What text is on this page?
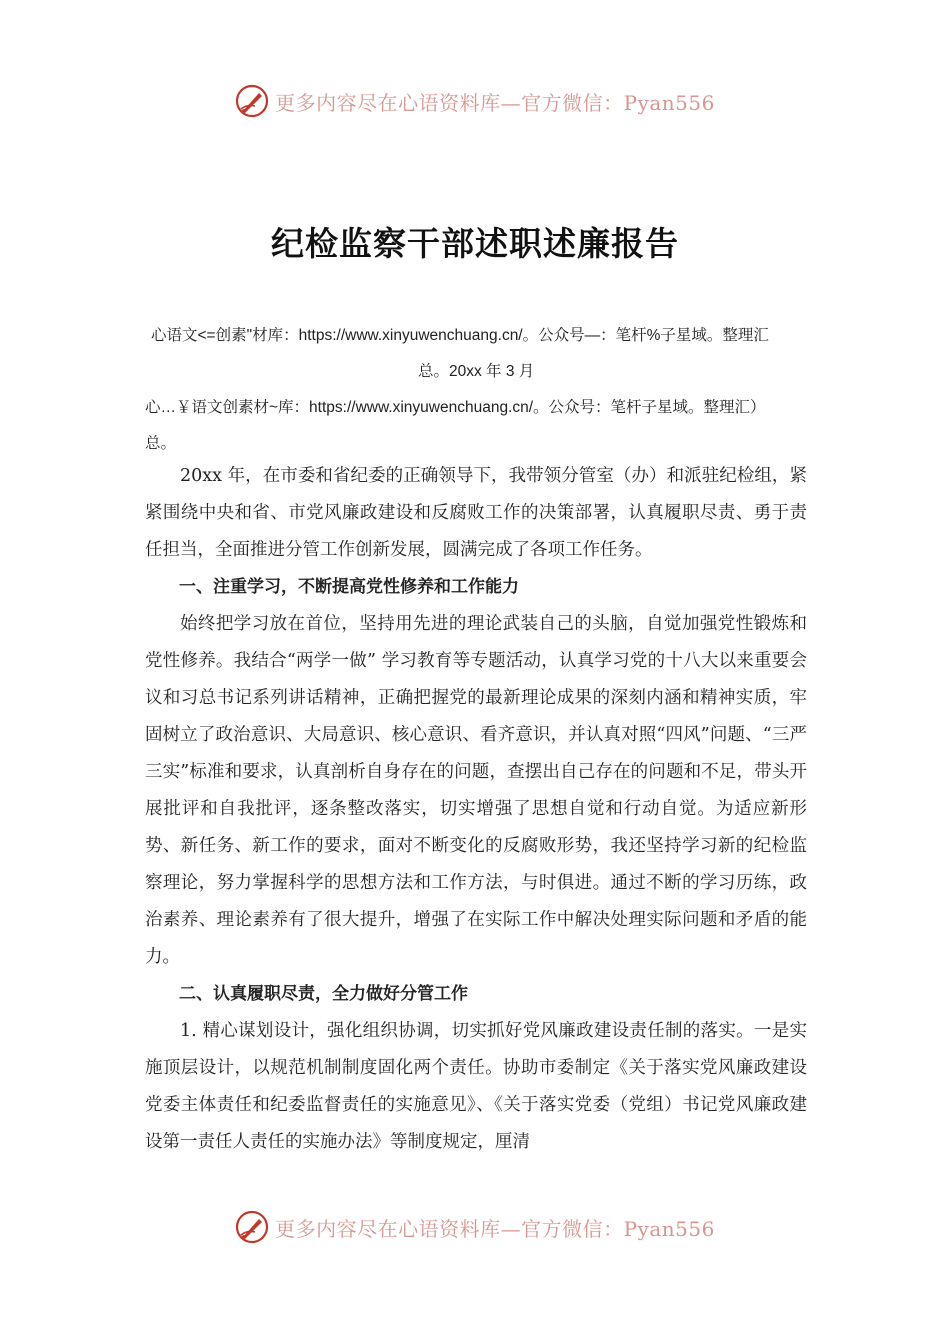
更多内容尽在心语资料库—官方微信：Pyan556
纪检监察干部述职述廉报告
心语文<=创素"材库：https://www.xinyuwenchuang.cn/。公众号—：笔杆%子星域。整理汇
总。20xx 年 3 月
心…￥语文创素材~库：https://www.xinyuwenchuang.cn/。公众号：笔杆子星域。整理汇）
总。

20xx 年，在市委和省纪委的正确领导下，我带领分管室（办）和派驻纪检组，紧紧围绕中央和省、市党风廉政建设和反腐败工作的决策部署，认真履职尽责、勇于责任担当，全面推进分管工作创新发展，圆满完成了各项工作任务。

一、注重学习，不断提高党性修养和工作能力

始终把学习放在首位，坚持用先进的理论武装自己的头脑，自觉加强党性锻炼和党性修养。我结合“两学一做” 学习教育等专题活动，认真学习党的十八大以来重要会议和习总书记系列讲话精神，正确把握党的最新理论成果的深刻内涵和精神实质，牢固树立了政治意识、大局意识、核心意识、看齐意识，并认真对照“四风”问题、“三严三实”标准和要求，认真剖析自身存在的问题，查摆出自己存在的问题和不足，带头开展批评和自我批评，逐条整改落实，切实增强了思想自觉和行动自觉。为适应新形势、新任务、新工作的要求，面对不断变化的反腐败形势，我还坚持学习新的纪检监察理论，努力掌握科学的思想方法和工作方法，与时俱进。通过不断的学习历练，政治素养、理论素养有了很大提升，增强了在实际工作中解决处理实际问题和矛盾的能力。

二、认真履职尽责，全力做好分管工作

1. 精心谋划设计，强化组织协调，切实抓好党风廉政建设责任制的落实。一是实施顶层设计，以规范机制制度固化两个责任。协助市委制定《关于落实党风廉政建设党委主体责任和纪委监督责任的实施意见》、《关于落实党委（党组）书记党风廉政建设第一责任人责任的实施办法》等制度规定，厘清

更多内容尽在心语资料库—官方微信：Pyan556
